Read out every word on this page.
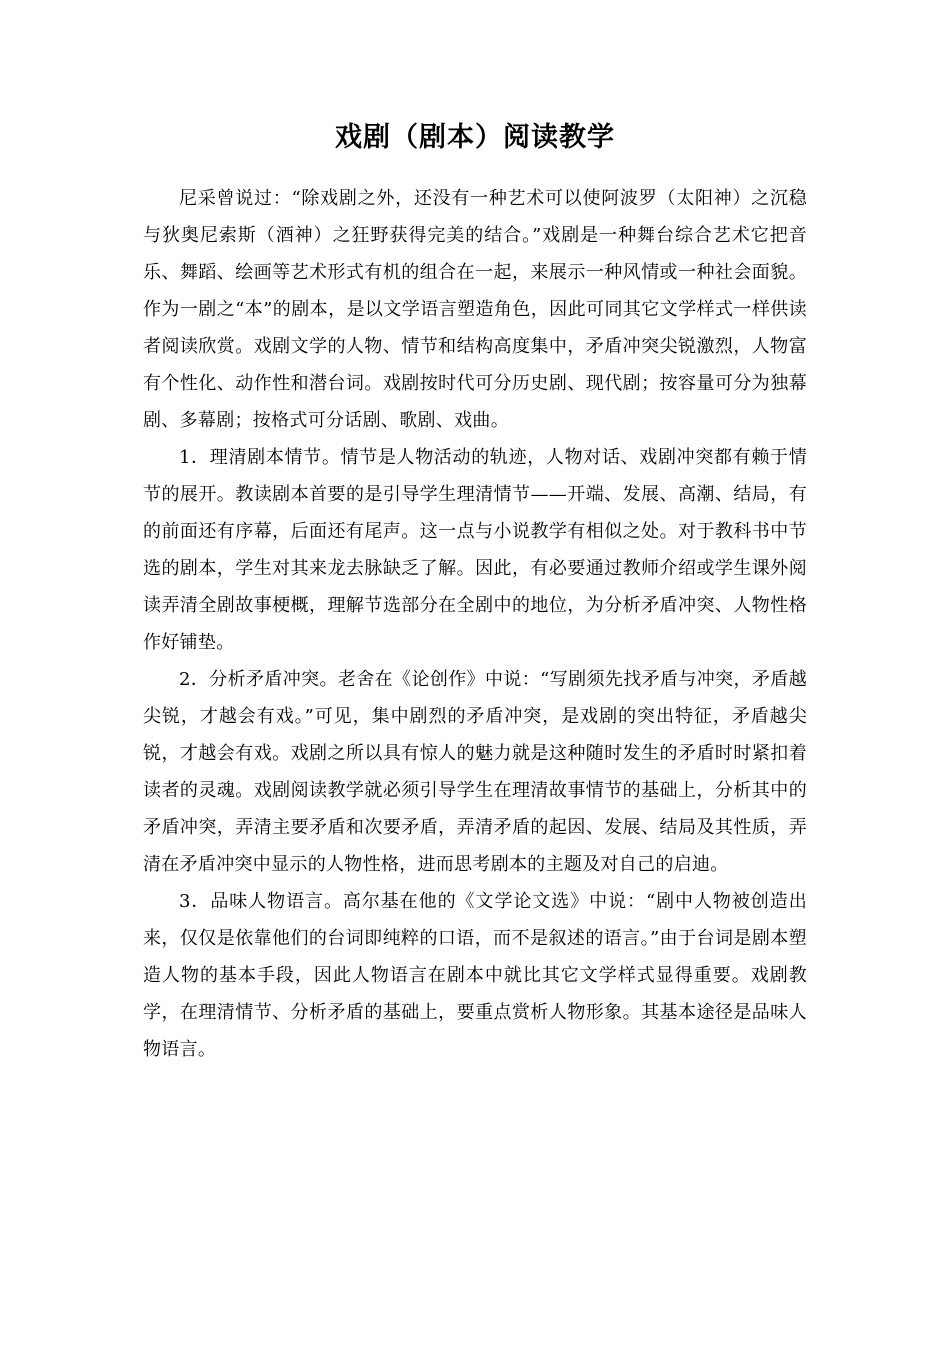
戏剧（剧本）阅读教学

尼采曾说过：“除戏剧之外，还没有一种艺术可以使阿波罗（太阳神）之沉稳与狄奥尼索斯（酒神）之狂野获得完美的结合。”戏剧是一种舞台综合艺术它把音乐、舞蹈、绘画等艺术形式有机的组合在一起，来展示一种风情或一种社会面貌。作为一剧之“本”的剧本，是以文学语言塑造角色，因此可同其它文学样式一样供读者阅读欣赏。戏剧文学的人物、情节和结构高度集中，矛盾冲突尖锐激烈，人物富有个性化、动作性和潜台词。戏剧按时代可分历史剧、现代剧；按容量可分为独幕剧、多幕剧；按格式可分话剧、歌剧、戏曲。

1．理清剧本情节。情节是人物活动的轨迹，人物对话、戏剧冲突都有赖于情节的展开。教读剧本首要的是引导学生理清情节——开端、发展、高潮、结局，有的前面还有序幕，后面还有尾声。这一点与小说教学有相似之处。对于教科书中节选的剧本，学生对其来龙去脉缺乏了解。因此，有必要通过教师介绍或学生课外阅读弄清全剧故事梗概，理解节选部分在全剧中的地位，为分析矛盾冲突、人物性格作好铺垫。

2．分析矛盾冲突。老舍在《论创作》中说：“写剧须先找矛盾与冲突，矛盾越尖锐，才越会有戏。”可见，集中剧烈的矛盾冲突，是戏剧的突出特征，矛盾越尖锐，才越会有戏。戏剧之所以具有惊人的魅力就是这种随时发生的矛盾时时紧扣着读者的灵魂。戏剧阅读教学就必须引导学生在理清故事情节的基础上，分析其中的矛盾冲突，弄清主要矛盾和次要矛盾，弄清矛盾的起因、发展、结局及其性质，弄清在矛盾冲突中显示的人物性格，进而思考剧本的主题及对自己的启迪。

3．品味人物语言。高尔基在他的《文学论文选》中说：“剧中人物被创造出来，仅仅是依靠他们的台词即纯粹的口语，而不是叙述的语言。”由于台词是剧本塑造人物的基本手段，因此人物语言在剧本中就比其它文学样式显得重要。戏剧教学，在理清情节、分析矛盾的基础上，要重点赏析人物形象。其基本途径是品味人物语言。
